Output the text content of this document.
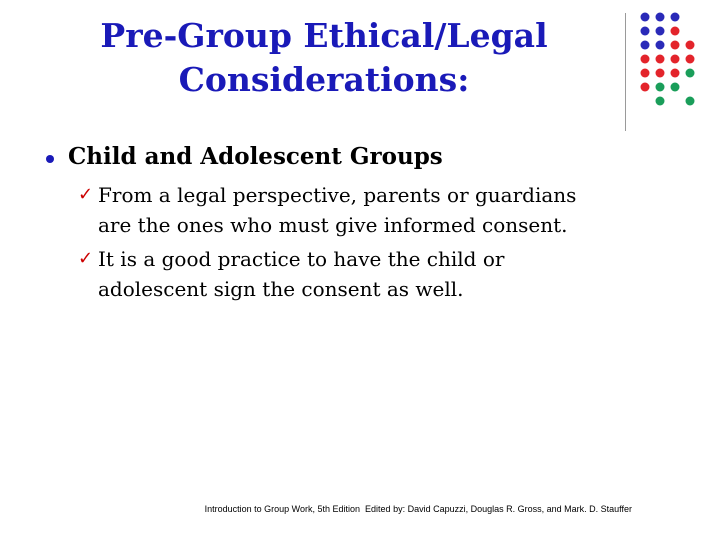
Pre-Group Ethical/Legal
Considerations:
Child and Adolescent Groups
✓ From a legal perspective, parents or guardians are the ones who must give informed consent.
✓ It is a good practice to have the child or adolescent sign the consent as well.
Introduction to Group Work, 5th Edition  Edited by: David Capuzzi, Douglas R. Gross, and Mark. D. Stauffer
